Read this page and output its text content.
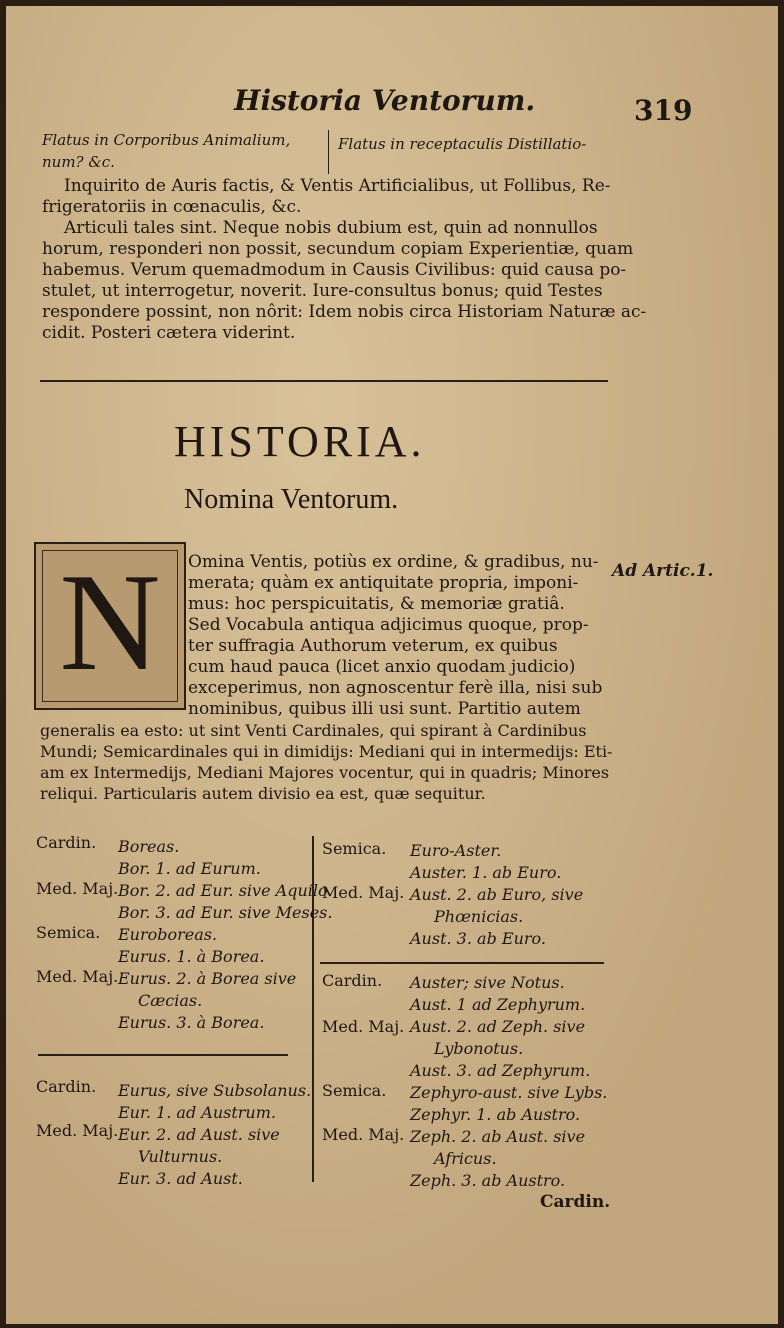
Historia Ventorum.	319
Flatus in Corporibus Animalium,	Flatus in receptaculis Distillatio-
num? &c.
Inquirito de Auris factis, & Ventis Artificialibus, ut Follibus, Re-
frigeratoriis in cœnaculis, &c.
Articuli tales sint. Neque nobis dubium est, quin ad nonnullos
horum, responderi non possit, secundum copiam Experientiæ, quam
habemus. Verum quemadmodum in Causis Civilibus: quid causa po-
stulet, ut interrogetur, noverit. Iure-consultus bonus; quid Testes
respondere possint, non nôrit: Idem nobis circa Historiam Naturæ ac-
cidit. Posteri cætera viderint.
HISTORIA.
Nomina Ventorum.
N	Ad Artic.1.
Omina Ventis, potiùs ex ordine, & gradibus, nu-
merata; quàm ex antiquitate propria, imponi-
mus: hoc perspicuitatis, & memoriæ gratiâ.
Sed Vocabula antiqua adjicimus quoque, prop-
ter suffragia Authorum veterum, ex quibus
cum haud pauca (licet anxio quodam judicio)
exceperimus, non agnoscentur ferè illa, nisi sub
nominibus, quibus illi usi sunt. Partitio autem
generalis ea esto: ut sint Venti Cardinales, qui spirant à Cardinibus
Mundi; Semicardinales qui in dimidijs: Mediani qui in intermedijs: Eti-
am ex Intermedijs, Mediani Majores vocentur, qui in quadris; Minores
reliqui. Particularis autem divisio ea est, quæ sequitur.
Cardin. Boreas.
Bor. 1. ad Eurum.
Med. Maj. Bor. 2. ad Eur. sive Aquilo.
Bor. 3. ad Eur. sive Meses.
Semica. Euroboreas.
Eurus. 1. à Borea.
Med. Maj. Eurus. 2. à Borea sive
Cæcias.
Eurus. 3. à Borea.
Cardin. Eurus, sive Subsolanus.
Eur. 1. ad Austrum.
Med. Maj. Eur. 2. ad Aust. sive
Vulturnus.
Eur. 3. ad Aust.
Semica. Euro-Aster.
Auster. 1. ab Euro.
Med. Maj. Aust. 2. ab Euro, sive
Phœnicias.
Aust. 3. ab Euro.
Cardin. Auster; sive Notus.
Aust. 1 ad Zephyrum.
Med. Maj. Aust. 2. ad Zeph. sive
Lybonotus.
Aust. 3. ad Zephyrum.
Semica. Zephyro-aust. sive Lybs.
Zephyr. 1. ab Austro.
Med. Maj. Zeph. 2. ab Aust. sive
Africus.
Zeph. 3. ab Austro.
Cardin.
